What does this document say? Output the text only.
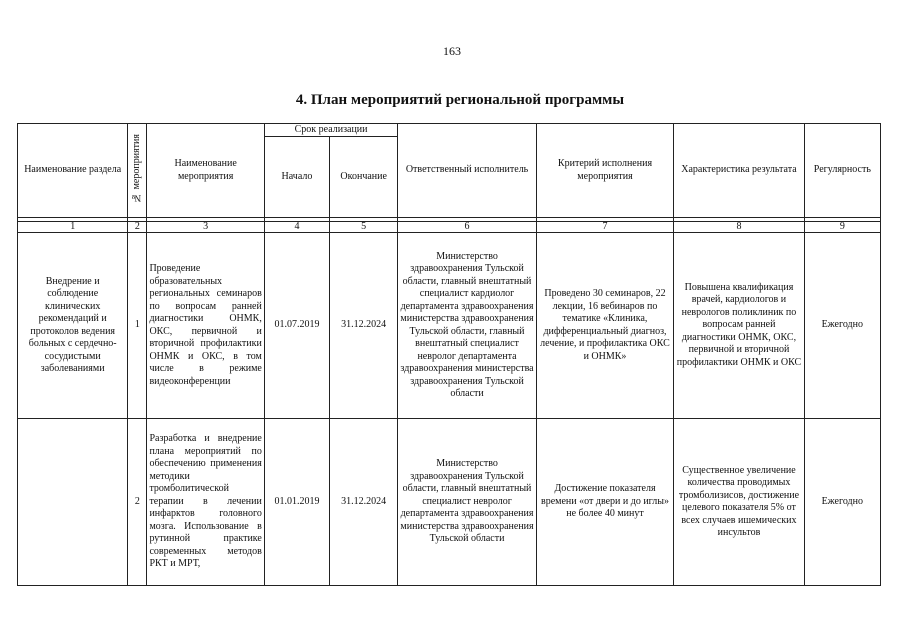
163
4. План мероприятий региональной программы
Наименование раздела	№ мероприятия	Наименование мероприятия	Срок реализации		Ответственный исполнитель	Критерий исполнения мероприятия	Характеристика результата	Регулярность
			Начало	Окончание				

1	2	3	4	5	6	7	8	9
Внедрение и соблюдение клинических рекомендаций и протоколов ведения больных с сердечно-сосудистыми заболеваниями	1	Проведение образовательных региональных семинаров по вопросам ранней диагностики ОНМК, ОКС, первичной и вторичной профилактики ОНМК и ОКС, в том числе в режиме видеоконференции	01.07.2019	31.12.2024	Министерство здравоохранения Тульской области, главный внештатный специалист кардиолог департамента здравоохранения министерства здравоохранения Тульской области, главный внештатный специалист невролог департамента здравоохранения министерства здравоохранения Тульской области	Проведено 30 семинаров, 22 лекции, 16 вебинаров по тематике «Клиника, дифференциальный диагноз, лечение, и профилактика ОКС и ОНМК»	Повышена квалификация врачей, кардиологов и неврологов поликлиник по вопросам ранней диагностики ОНМК, ОКС, первичной и вторичной профилактики ОНМК и ОКС	Ежегодно
	2	Разработка и внедрение плана мероприятий по обеспечению применения методики тромболитической терапии в лечении инфарктов головного мозга. Использование в рутинной практике современных методов РКТ и МРТ,	01.01.2019	31.12.2024	Министерство здравоохранения Тульской области, главный внештатный специалист невролог департамента здравоохранения министерства здравоохранения Тульской области	Достижение показателя времени «от двери и до иглы» не более 40 минут	Существенное увеличение количества проводимых тромболизисов, достижение целевого показателя 5% от всех случаев ишемических инсультов	Ежегодно
